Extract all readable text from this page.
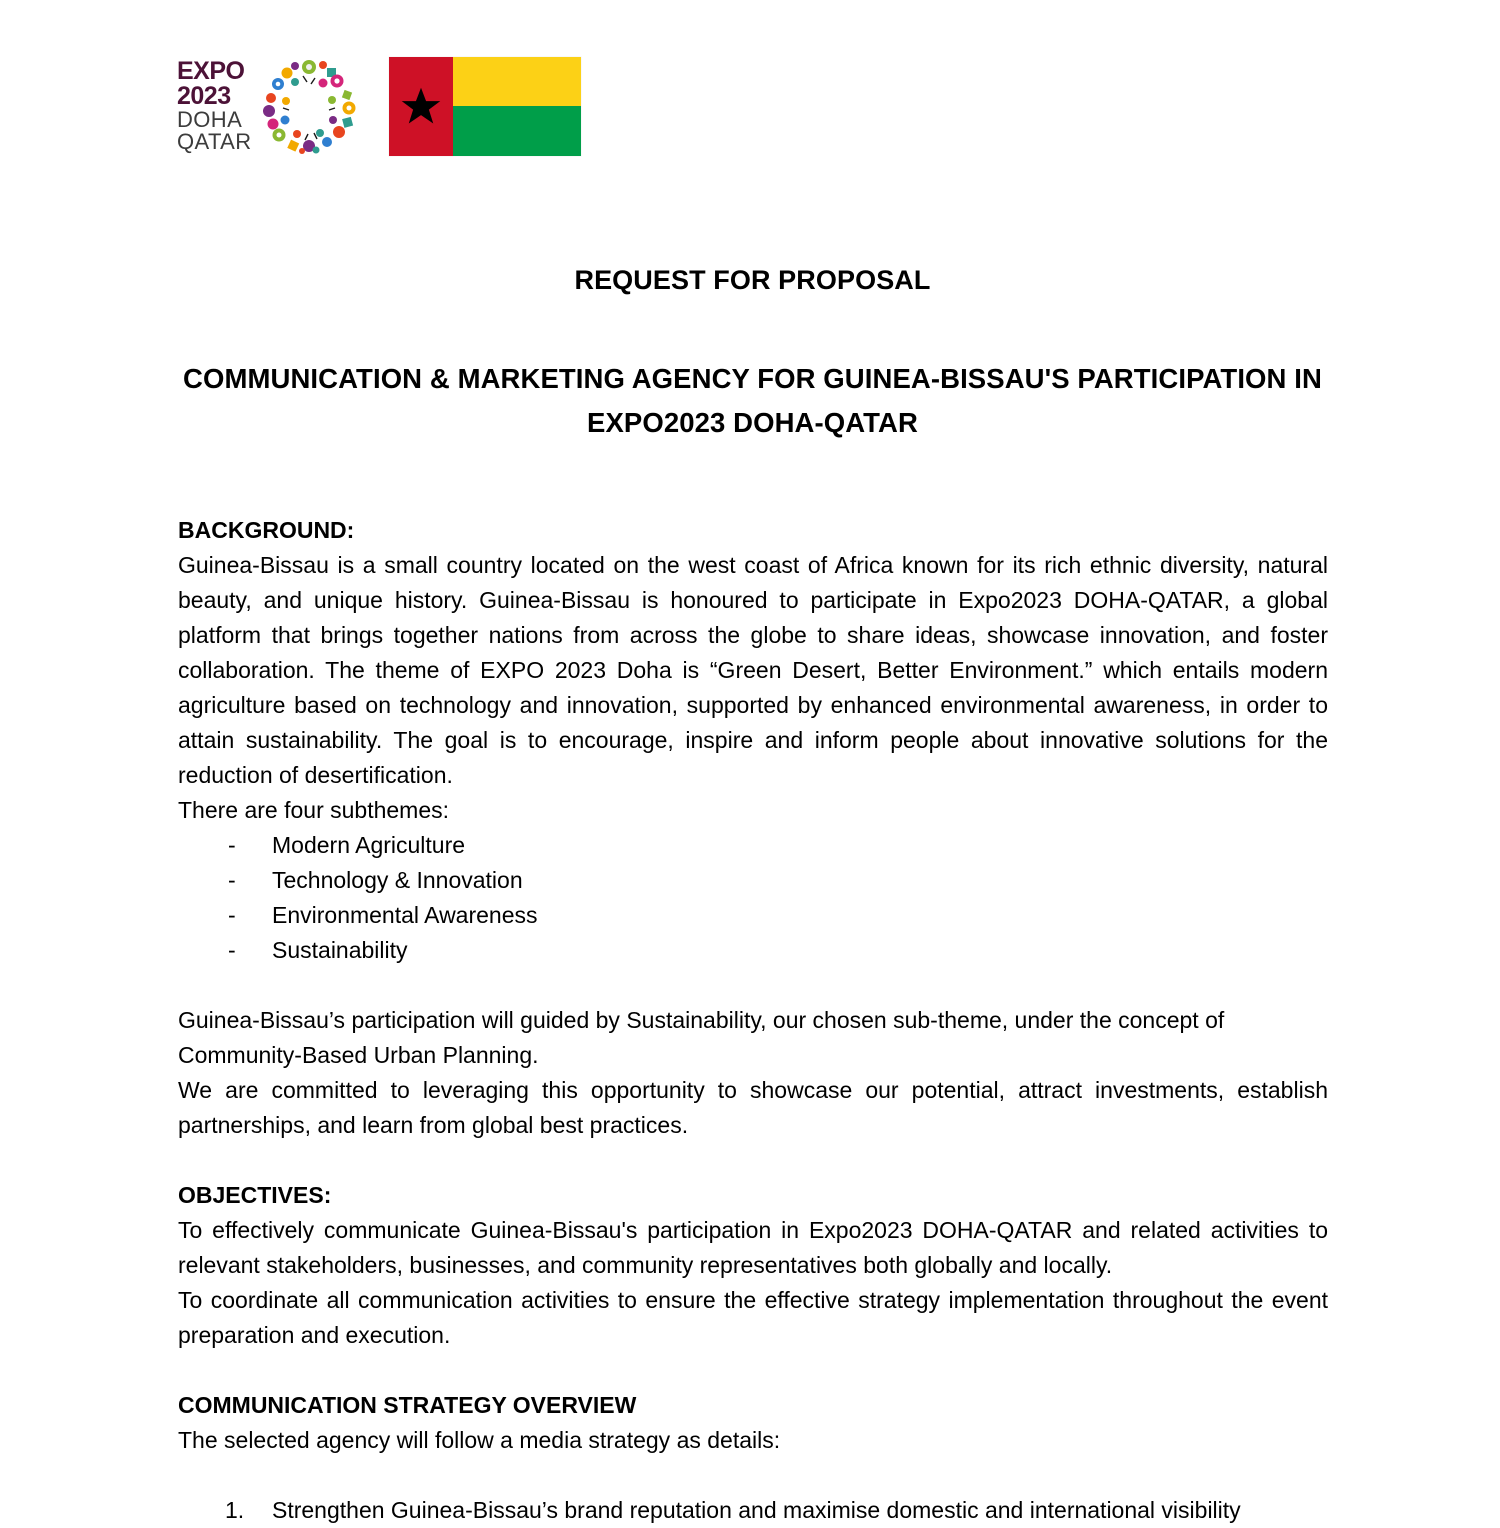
EXPO
2023
DOHA
QATAR
REQUEST FOR PROPOSAL
COMMUNICATION & MARKETING AGENCY FOR GUINEA-BISSAU'S PARTICIPATION IN EXPO2023 DOHA-QATAR

BACKGROUND:

Guinea-Bissau is a small country located on the west coast of Africa known for its rich ethnic diversity, natural beauty, and unique history. Guinea-Bissau is honoured to participate in Expo2023 DOHA-QATAR, a global platform that brings together nations from across the globe to share ideas, showcase innovation, and foster collaboration. The theme of EXPO 2023 Doha is “Green Desert, Better Environment.” which entails modern agriculture based on technology and innovation, supported by enhanced environmental awareness, in order to attain sustainability. The goal is to encourage, inspire and inform people about innovative solutions for the reduction of desertification.

There are four subthemes:

-	Modern Agriculture
-	Technology & Innovation
-	Environmental Awareness
-	Sustainability

Guinea-Bissau’s participation will guided by Sustainability, our chosen sub-theme, under the concept of Community-Based Urban Planning.

We are committed to leveraging this opportunity to showcase our potential, attract investments, establish partnerships, and learn from global best practices.

OBJECTIVES:

To effectively communicate Guinea-Bissau's participation in Expo2023 DOHA-QATAR and related activities to relevant stakeholders, businesses, and community representatives both globally and locally.

To coordinate all communication activities to ensure the effective strategy implementation throughout the event preparation and execution.

COMMUNICATION STRATEGY OVERVIEW

The selected agency will follow a media strategy as details:

1.	Strengthen Guinea-Bissau’s brand reputation and maximise domestic and international visibility
